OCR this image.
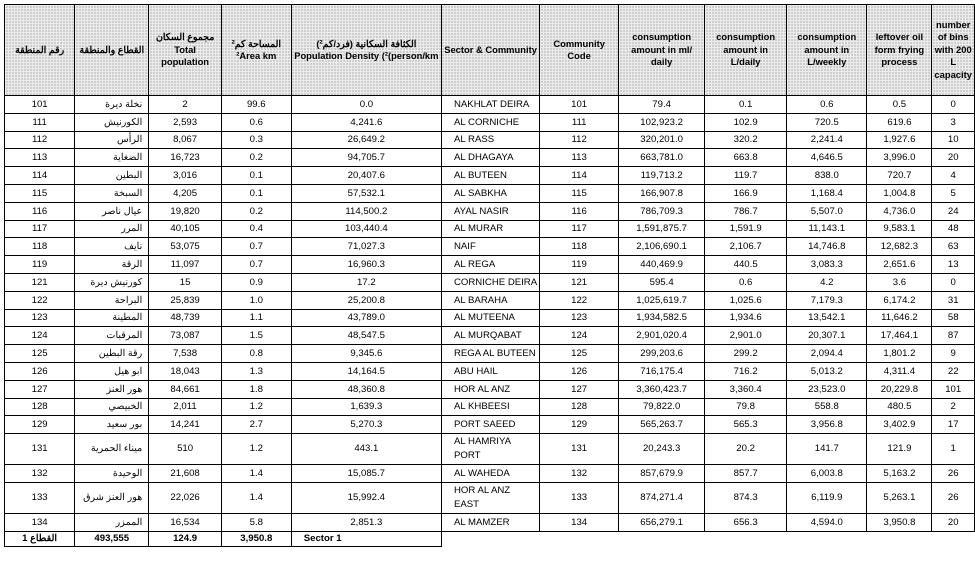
رقم المنطقة	القطاع والمنطقة	مجموع السكان Total population	المساحة كم² ²Area km	الكثافة السكانية (فرد/كم²) Population Density (²(person/km	Sector & Community	Community Code	consumption amount in ml/ daily	consumption amount in L/daily	consumption amount in L/weekly	leftover oil form frying process	number of bins with 200 L capacity
101	نخلة ديرة	2	99.6	0.0	NAKHLAT DEIRA	101	79.4	0.1	0.6	0.5	0
111	الكورنيش	2,593	0.6	4,241.6	AL CORNICHE	111	102,923.2	102.9	720.5	619.6	3
112	الرأس	8,067	0.3	26,649.2	AL RASS	112	320,201.0	320.2	2,241.4	1,927.6	10
113	الضغاية	16,723	0.2	94,705.7	AL DHAGAYA	113	663,781.0	663.8	4,646.5	3,996.0	20
114	البطين	3,016	0.1	20,407.6	AL BUTEEN	114	119,713.2	119.7	838.0	720.7	4
115	السبخة	4,205	0.1	57,532.1	AL SABKHA	115	166,907.8	166.9	1,168.4	1,004.8	5
116	عيال ناصر	19,820	0.2	114,500.2	AYAL NASIR	116	786,709.3	786.7	5,507.0	4,736.0	24
117	المرر	40,105	0.4	103,440.4	AL MURAR	117	1,591,875.7	1,591.9	11,143.1	9,583.1	48
118	نايف	53,075	0.7	71,027.3	NAIF	118	2,106,690.1	2,106.7	14,746.8	12,682.3	63
119	الرقة	11,097	0.7	16,960.3	AL REGA	119	440,469.9	440.5	3,083.3	2,651.6	13
121	كورنيش ديرة	15	0.9	17.2	CORNICHE DEIRA	121	595.4	0.6	4.2	3.6	0
122	البراحة	25,839	1.0	25,200.8	AL BARAHA	122	1,025,619.7	1,025.6	7,179.3	6,174.2	31
123	المطينة	48,739	1.1	43,789.0	AL MUTEENA	123	1,934,582.5	1,934.6	13,542.1	11,646.2	58
124	المرقبات	73,087	1.5	48,547.5	AL MURQABAT	124	2,901,020.4	2,901.0	20,307.1	17,464.1	87
125	رقة البطين	7,538	0.8	9,345.6	REGA AL BUTEEN	125	299,203.6	299.2	2,094.4	1,801.2	9
126	ابو هيل	18,043	1.3	14,164.5	ABU HAIL	126	716,175.4	716.2	5,013.2	4,311.4	22
127	هور العنز	84,661	1.8	48,360.8	HOR AL ANZ	127	3,360,423.7	3,360.4	23,523.0	20,229.8	101
128	الخبيصي	2,011	1.2	1,639.3	AL KHBEESI	128	79,822.0	79.8	558.8	480.5	2
129	بور سعيد	14,241	2.7	5,270.3	PORT SAEED	129	565,263.7	565.3	3,956.8	3,402.9	17
131	ميناء الحمرية	510	1.2	443.1	AL HAMRIYA PORT	131	20,243.3	20.2	141.7	121.9	1
132	الوحيدة	21,608	1.4	15,085.7	AL WAHEDA	132	857,679.9	857.7	6,003.8	5,163.2	26
133	هور العنز شرق	22,026	1.4	15,992.4	HOR AL ANZ EAST	133	874,271.4	874.3	6,119.9	5,263.1	26
134	الممزر	16,534	5.8	2,851.3	AL MAMZER	134	656,279.1	656.3	4,594.0	3,950.8	20
القطاع 1	493,555	124.9	3,950.8	Sector 1							
